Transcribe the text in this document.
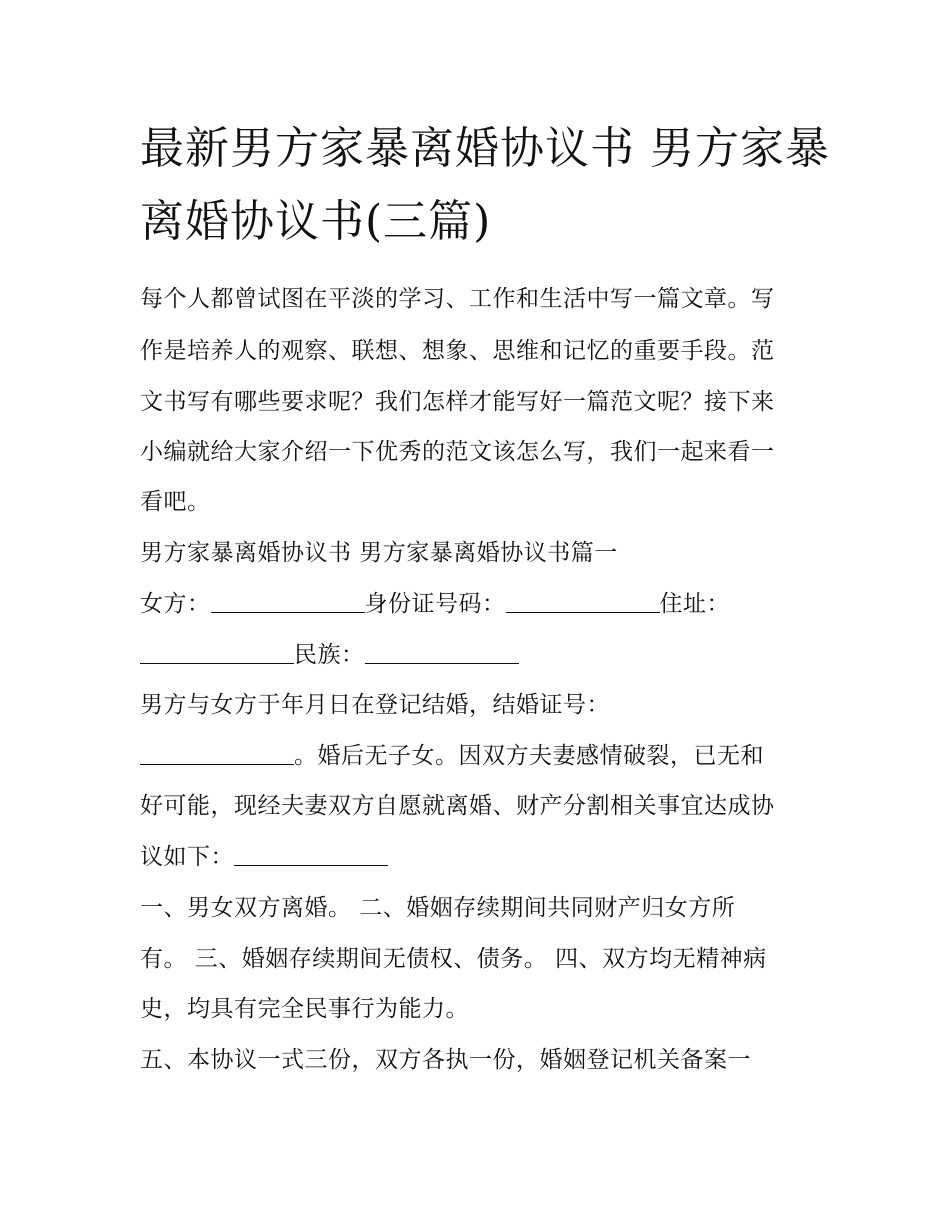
最新男方家暴离婚协议书 男方家暴离婚协议书(三篇)

每个人都曾试图在平淡的学习、工作和生活中写一篇文章。写

作是培养人的观察、联想、想象、思维和记忆的重要手段。范

文书写有哪些要求呢？我们怎样才能写好一篇范文呢？接下来

小编就给大家介绍一下优秀的范文该怎么写，我们一起来看一

看吧。

男方家暴离婚协议书 男方家暴离婚协议书篇一

女方：	身份证号码：	住址：

民族：

男方与女方于年月日在登记结婚，结婚证号：

。婚后无子女。因双方夫妻感情破裂，已无和

好可能，现经夫妻双方自愿就离婚、财产分割相关事宜达成协

议如下：

一、男女双方离婚。 二、婚姻存续期间共同财产归女方所

有。 三、婚姻存续期间无债权、债务。 四、双方均无精神病

史，均具有完全民事行为能力。

五、本协议一式三份，双方各执一份，婚姻登记机关备案一
